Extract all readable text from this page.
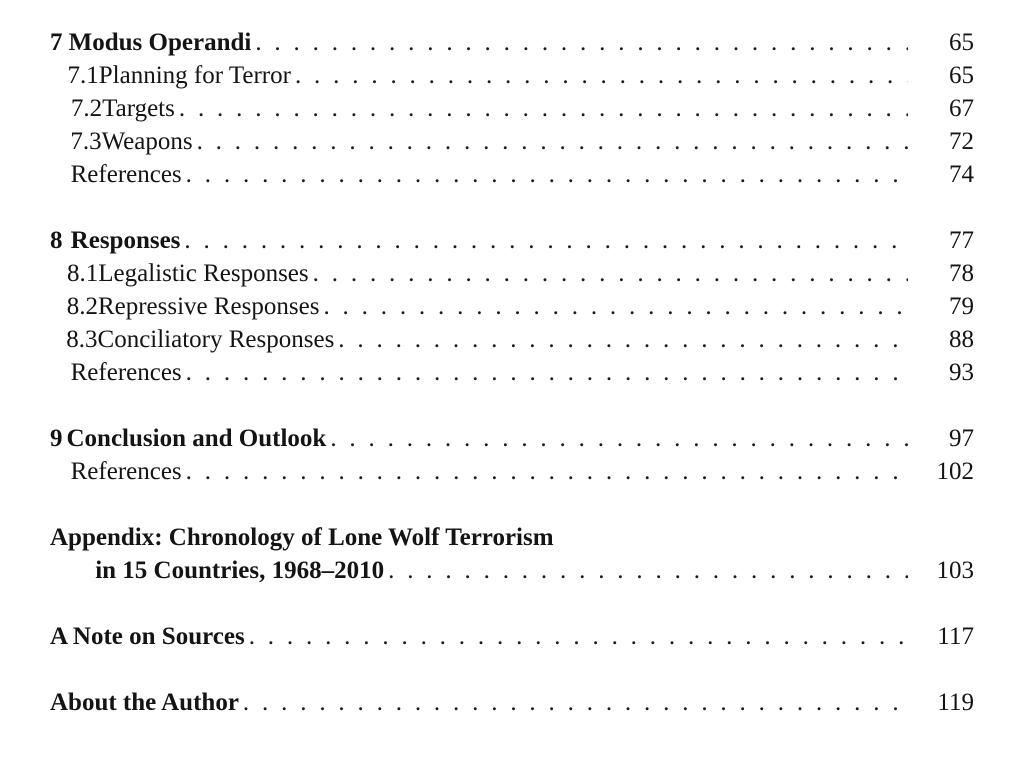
7 Modus Operandi . . .	65
7.1 Planning for Terror . . .	65
7.2 Targets . . .	67
7.3 Weapons . . .	72
References . . .	74
8 Responses . . .	77
8.1 Legalistic Responses . . .	78
8.2 Repressive Responses . . .	79
8.3 Conciliatory Responses . . .	88
References . . .	93
9 Conclusion and Outlook . . .	97
References . . .	102
Appendix: Chronology of Lone Wolf Terrorism
in 15 Countries, 1968–2010 . . .	103
A Note on Sources . . .	117
About the Author . . .	119
